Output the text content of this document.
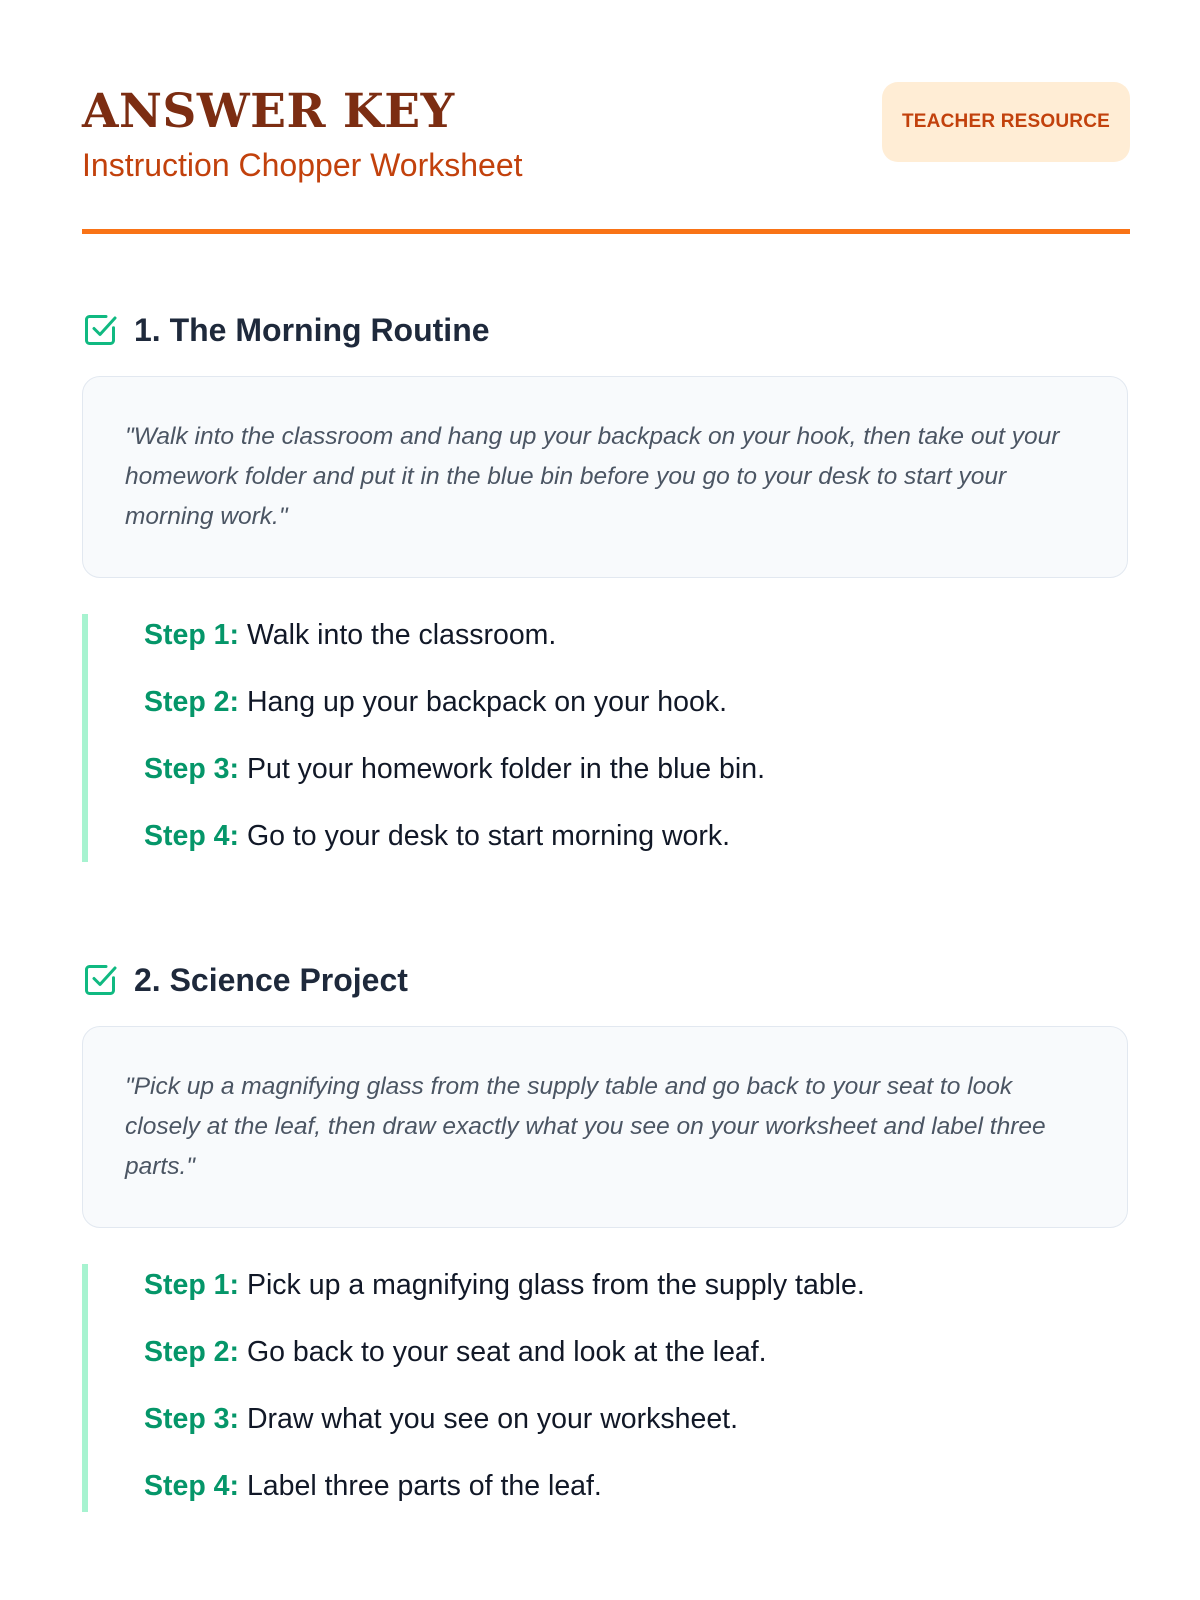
ANSWER KEY
Instruction Chopper Worksheet
TEACHER RESOURCE
1. The Morning Routine
"Walk into the classroom and hang up your backpack on your hook, then take out your homework folder and put it in the blue bin before you go to your desk to start your morning work."
Step 1: Walk into the classroom.
Step 2: Hang up your backpack on your hook.
Step 3: Put your homework folder in the blue bin.
Step 4: Go to your desk to start morning work.
2. Science Project
"Pick up a magnifying glass from the supply table and go back to your seat to look closely at the leaf, then draw exactly what you see on your worksheet and label three parts."
Step 1: Pick up a magnifying glass from the supply table.
Step 2: Go back to your seat and look at the leaf.
Step 3: Draw what you see on your worksheet.
Step 4: Label three parts of the leaf.
